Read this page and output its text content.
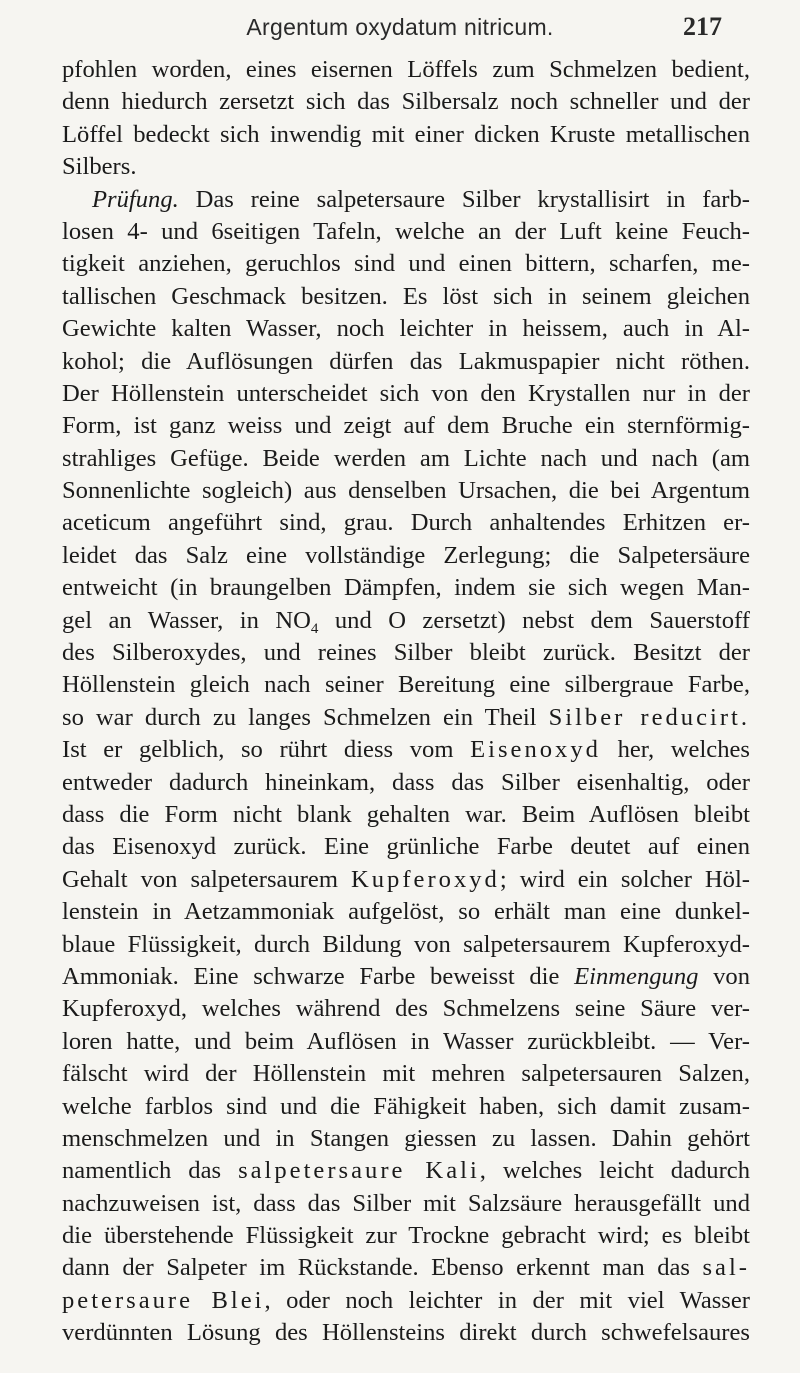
Argentum oxydatum nitricum.	217
pfohlen worden, eines eisernen Löffels zum Schmelzen bedient,
denn hiedurch zersetzt sich das Silbersalz noch schneller und der
Löffel bedeckt sich inwendig mit einer dicken Kruste metallischen
Silbers.
Prüfung. Das reine salpetersaure Silber krystallisirt in farb-
losen 4- und 6seitigen Tafeln, welche an der Luft keine Feuch-
tigkeit anziehen, geruchlos sind und einen bittern, scharfen, me-
tallischen Geschmack besitzen. Es löst sich in seinem gleichen
Gewichte kalten Wasser, noch leichter in heissem, auch in Al-
kohol; die Auflösungen dürfen das Lakmuspapier nicht röthen.
Der Höllenstein unterscheidet sich von den Krystallen nur in der
Form, ist ganz weiss und zeigt auf dem Bruche ein sternförmig-
strahliges Gefüge. Beide werden am Lichte nach und nach (am
Sonnenlichte sogleich) aus denselben Ursachen, die bei Argentum
aceticum angeführt sind, grau. Durch anhaltendes Erhitzen er-
leidet das Salz eine vollständige Zerlegung; die Salpetersäure
entweicht (in braungelben Dämpfen, indem sie sich wegen Man-
gel an Wasser, in $NO_4$ und O zersetzt) nebst dem Sauerstoff
des Silberoxydes, und reines Silber bleibt zurück. Besitzt der
Höllenstein gleich nach seiner Bereitung eine silbergraue Farbe,
so war durch zu langes Schmelzen ein Theil Silber reducirt.
Ist er gelblich, so rührt diess vom Eisenoxyd her, welches
entweder dadurch hineinkam, dass das Silber eisenhaltig, oder
dass die Form nicht blank gehalten war. Beim Auflösen bleibt
das Eisenoxyd zurück. Eine grünliche Farbe deutet auf einen
Gehalt von salpetersaurem Kupferoxyd; wird ein solcher Höl-
lenstein in Aetzammoniak aufgelöst, so erhält man eine dunkel-
blaue Flüssigkeit, durch Bildung von salpetersaurem Kupferoxyd-
Ammoniak. Eine schwarze Farbe beweisst die Einmengung von
Kupferoxyd, welches während des Schmelzens seine Säure ver-
loren hatte, und beim Auflösen in Wasser zurückbleibt. — Ver-
fälscht wird der Höllenstein mit mehren salpetersauren Salzen,
welche farblos sind und die Fähigkeit haben, sich damit zusam-
menschmelzen und in Stangen giessen zu lassen. Dahin gehört
namentlich das salpetersaure Kali, welches leicht dadurch
nachzuweisen ist, dass das Silber mit Salzsäure herausgefällt und
die überstehende Flüssigkeit zur Trockne gebracht wird; es bleibt
dann der Salpeter im Rückstande. Ebenso erkennt man das sal-
petersaure Blei, oder noch leichter in der mit viel Wasser
verdünnten Lösung des Höllensteins direkt durch schwefelsaures
